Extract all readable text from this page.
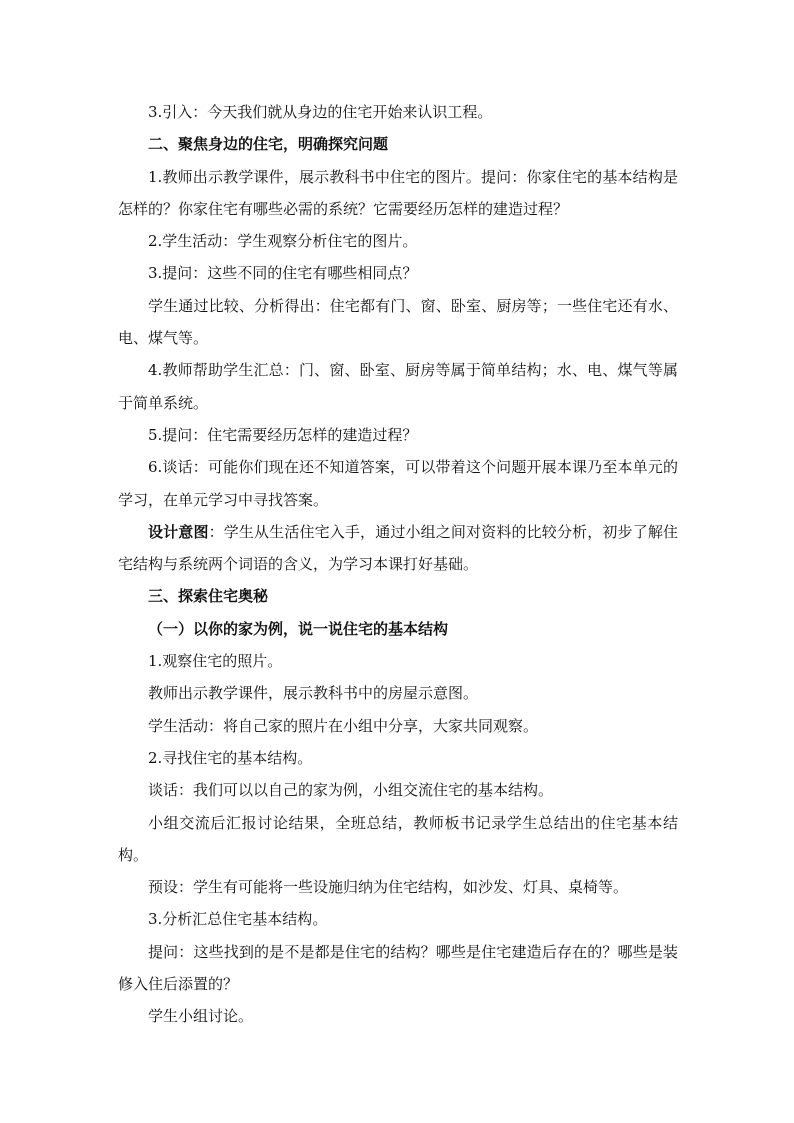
3.引入：今天我们就从身边的住宅开始来认识工程。

二、聚焦身边的住宅，明确探究问题

1.教师出示教学课件，展示教科书中住宅的图片。提问：你家住宅的基本结构是怎样的？你家住宅有哪些必需的系统？它需要经历怎样的建造过程？

2.学生活动：学生观察分析住宅的图片。

3.提问：这些不同的住宅有哪些相同点？

学生通过比较、分析得出：住宅都有门、窗、卧室、厨房等；一些住宅还有水、电、煤气等。

4.教师帮助学生汇总：门、窗、卧室、厨房等属于简单结构；水、电、煤气等属于简单系统。

5.提问：住宅需要经历怎样的建造过程？

6.谈话：可能你们现在还不知道答案，可以带着这个问题开展本课乃至本单元的学习，在单元学习中寻找答案。

设计意图：学生从生活住宅入手，通过小组之间对资料的比较分析，初步了解住宅结构与系统两个词语的含义，为学习本课打好基础。

三、探索住宅奥秘

（一）以你的家为例，说一说住宅的基本结构

1.观察住宅的照片。

教师出示教学课件，展示教科书中的房屋示意图。

学生活动：将自己家的照片在小组中分享，大家共同观察。

2.寻找住宅的基本结构。

谈话：我们可以以自己的家为例，小组交流住宅的基本结构。

小组交流后汇报讨论结果，全班总结，教师板书记录学生总结出的住宅基本结构。

预设：学生有可能将一些设施归纳为住宅结构，如沙发、灯具、桌椅等。

3.分析汇总住宅基本结构。

提问：这些找到的是不是都是住宅的结构？哪些是住宅建造后存在的？哪些是装修入住后添置的？

学生小组讨论。
